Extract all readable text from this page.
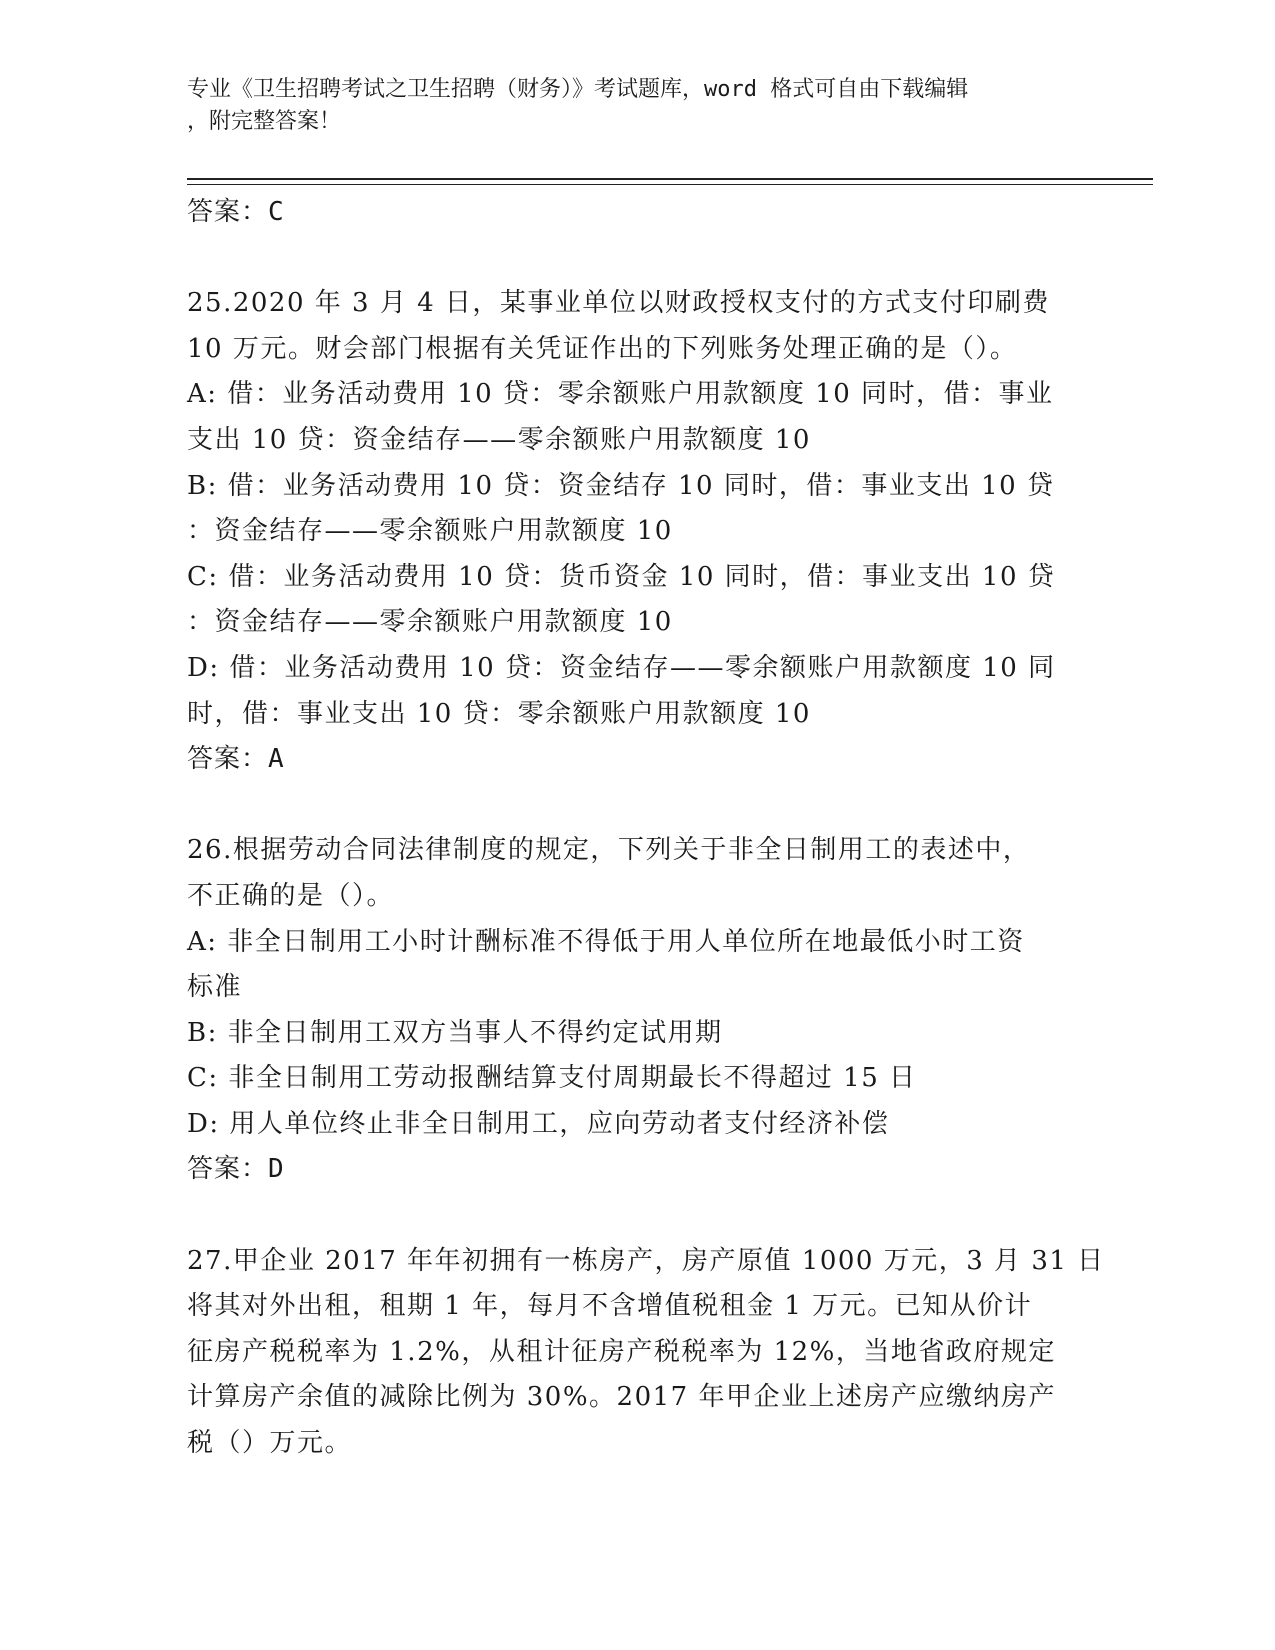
专业《卫生招聘考试之卫生招聘（财务）》考试题库，word 格式可自由下载编辑
，附完整答案！
答案：C
25.2020 年 3 月 4 日，某事业单位以财政授权支付的方式支付印刷费
10 万元。财会部门根据有关凭证作出的下列账务处理正确的是（）。
A: 借：业务活动费用 10 贷：零余额账户用款额度 10 同时，借：事业
支出 10 贷：资金结存——零余额账户用款额度 10
B: 借：业务活动费用 10 贷：资金结存 10 同时，借：事业支出 10 贷
：资金结存——零余额账户用款额度 10
C: 借：业务活动费用 10 贷：货币资金 10 同时，借：事业支出 10 贷
：资金结存——零余额账户用款额度 10
D: 借：业务活动费用 10 贷：资金结存——零余额账户用款额度 10 同
时，借：事业支出 10 贷：零余额账户用款额度 10
答案：A
26.根据劳动合同法律制度的规定，下列关于非全日制用工的表述中，
不正确的是（）。
A: 非全日制用工小时计酬标准不得低于用人单位所在地最低小时工资
标准
B: 非全日制用工双方当事人不得约定试用期
C: 非全日制用工劳动报酬结算支付周期最长不得超过 15 日
D: 用人单位终止非全日制用工，应向劳动者支付经济补偿
答案：D
27.甲企业 2017 年年初拥有一栋房产，房产原值 1000 万元，3 月 31 日
将其对外出租，租期 1 年，每月不含增值税租金 1 万元。已知从价计
征房产税税率为 1.2%，从租计征房产税税率为 12%，当地省政府规定
计算房产余值的减除比例为 30%。2017 年甲企业上述房产应缴纳房产
税（）万元。
